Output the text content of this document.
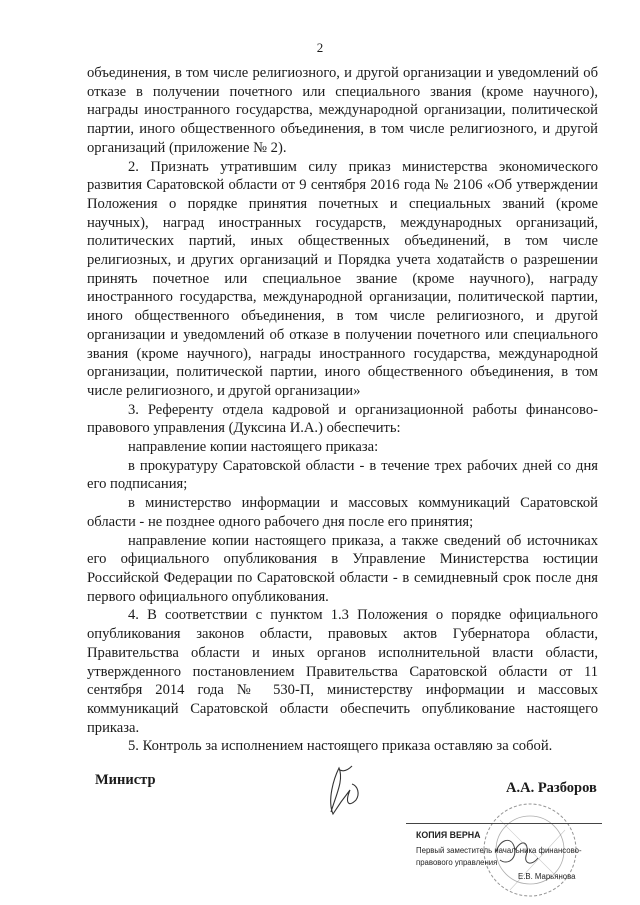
2

объединения, в том числе религиозного, и другой организации и уведомлений об отказе в получении почетного или специального звания (кроме научного), награды иностранного государства, международной организации, политической партии, иного общественного объединения, в том числе религиозного, и другой организаций (приложение № 2).

2. Признать утратившим силу приказ министерства экономического развития Саратовской области от 9 сентября 2016 года № 2106 «Об утверждении Положения о порядке принятия почетных и специальных званий (кроме научных), наград иностранных государств, международных организаций, политических партий, иных общественных объединений, в том числе религиозных, и других организаций и Порядка учета ходатайств о разрешении принять почетное или специальное звание (кроме научного), награду иностранного государства, международной организации, политической партии, иного общественного объединения, в том числе религиозного, и другой организации и уведомлений об отказе в получении почетного или специального звания (кроме научного), награды иностранного государства, международной организации, политической партии, иного общественного объединения, в том числе религиозного, и другой организации»

3. Референту отдела кадровой и организационной работы финансово-правового управления (Дуксина И.А.) обеспечить:

направление копии настоящего приказа:

в прокуратуру Саратовской области - в течение трех рабочих дней со дня его подписания;

в министерство информации и массовых коммуникаций Саратовской области - не позднее одного рабочего дня после его принятия;

направление копии настоящего приказа, а также сведений об источниках его официального опубликования в Управление Министерства юстиции Российской Федерации по Саратовской области - в семидневный срок после дня первого официального опубликования.

4. В соответствии с пунктом 1.3 Положения о порядке официального опубликования законов области, правовых актов Губернатора области, Правительства области и иных органов исполнительной власти области, утвержденного постановлением Правительства Саратовской области от 11 сентября 2014 года № 530-П, министерству информации и массовых коммуникаций Саратовской области обеспечить опубликование настоящего приказа.

5. Контроль за исполнением настоящего приказа оставляю за собой.

Министр	А.А. Разборов
КОПИЯ ВЕРНА
Первый заместитель начальника финансово-
правового управления
Е.В. Марьянова
